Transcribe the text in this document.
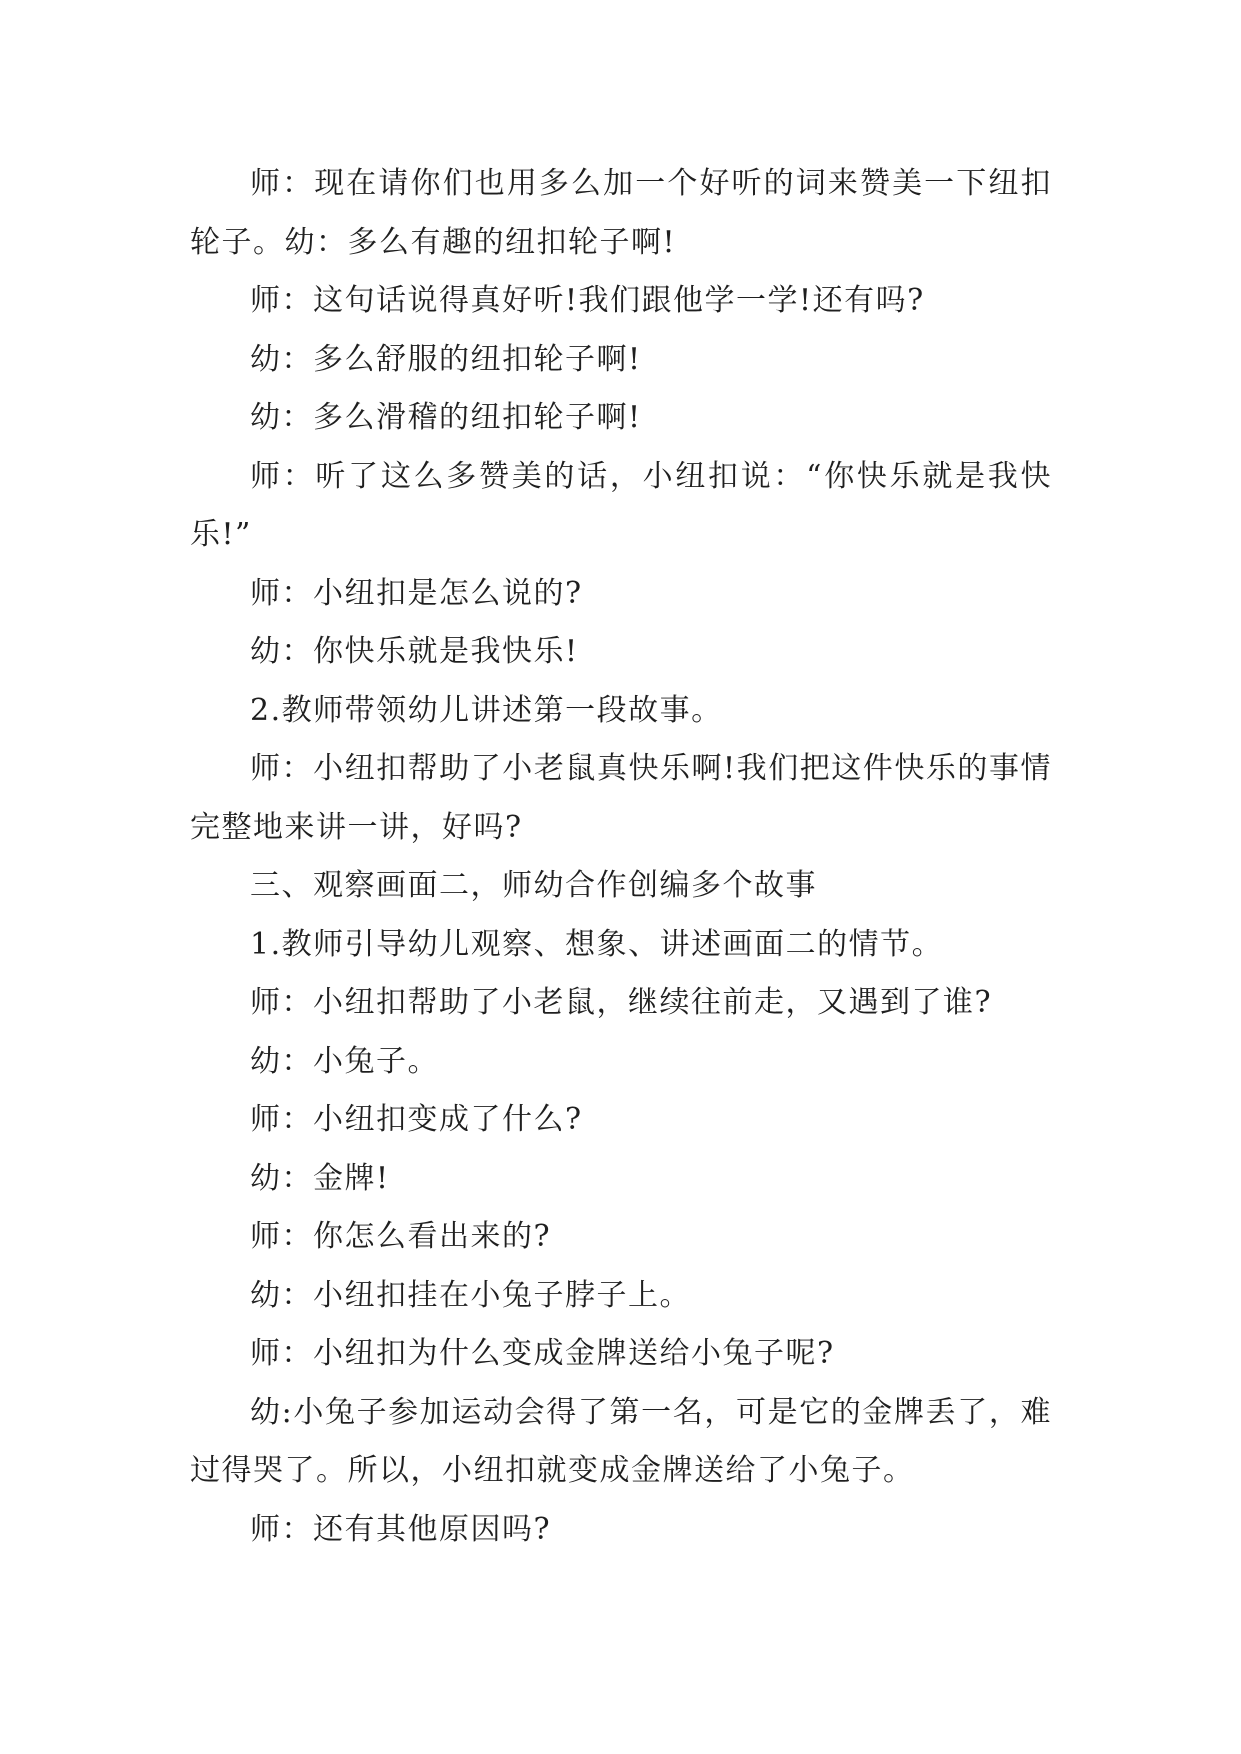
师：现在请你们也用多么加一个好听的词来赞美一下纽扣轮子。幼：多么有趣的纽扣轮子啊!

师：这句话说得真好听!我们跟他学一学!还有吗?

幼：多么舒服的纽扣轮子啊!

幼：多么滑稽的纽扣轮子啊!

师：听了这么多赞美的话，小纽扣说：“你快乐就是我快乐!”

师：小纽扣是怎么说的?

幼：你快乐就是我快乐!

2.教师带领幼儿讲述第一段故事。

师：小纽扣帮助了小老鼠真快乐啊!我们把这件快乐的事情完整地来讲一讲，好吗?

三、观察画面二，师幼合作创编多个故事

1.教师引导幼儿观察、想象、讲述画面二的情节。

师：小纽扣帮助了小老鼠，继续往前走，又遇到了谁?

幼：小兔子。

师：小纽扣变成了什么?

幼：金牌!

师：你怎么看出来的?

幼：小纽扣挂在小兔子脖子上。

师：小纽扣为什么变成金牌送给小兔子呢?

幼:小兔子参加运动会得了第一名，可是它的金牌丢了，难过得哭了。所以，小纽扣就变成金牌送给了小兔子。

师：还有其他原因吗?
